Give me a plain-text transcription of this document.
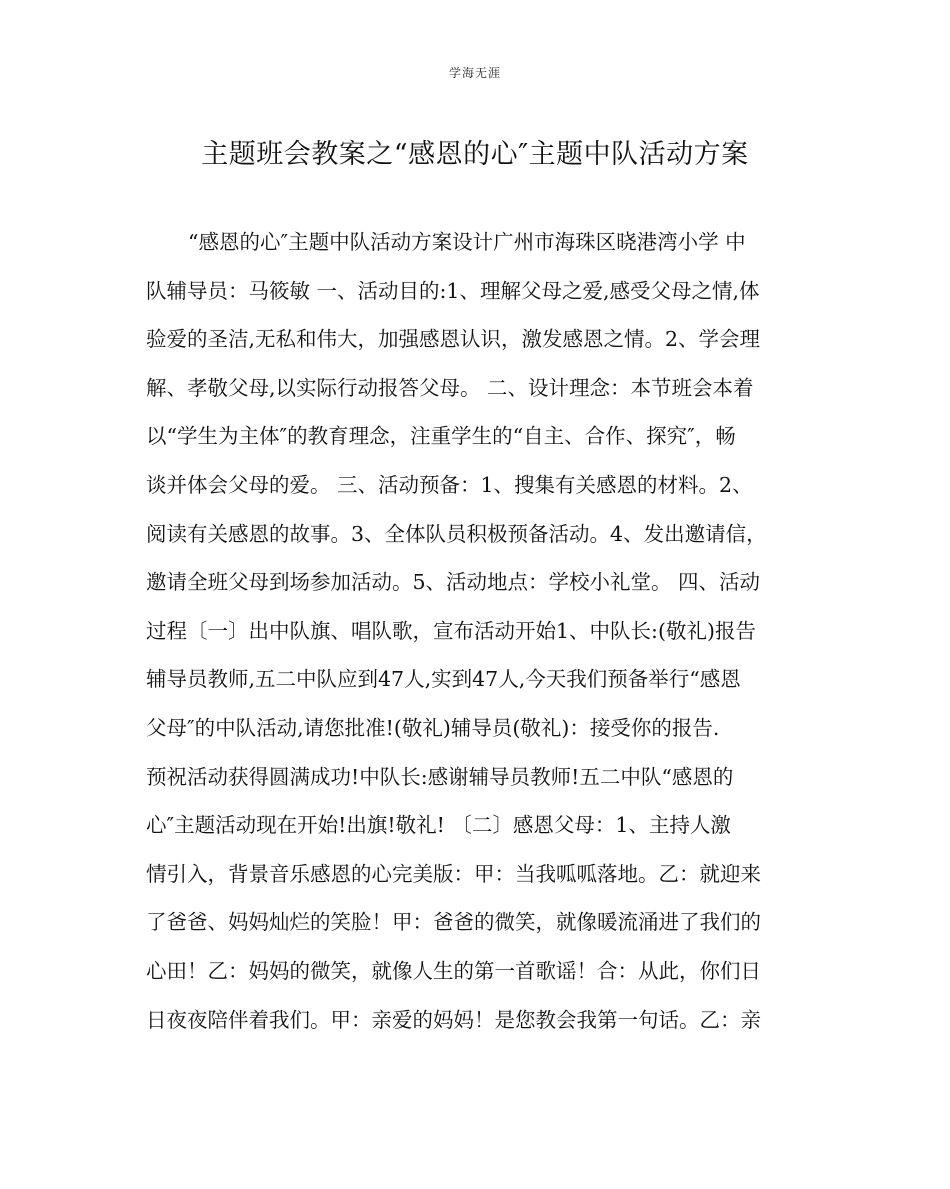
学海无涯
主题班会教案之“感恩的心″主题中队活动方案
“感恩的心″主题中队活动方案设计广州市海珠区晓港湾小学 中
队辅导员：马筱敏 一、活动目的:1、理解父母之爱,感受父母之情,体
验爱的圣洁,无私和伟大，加强感恩认识，激发感恩之情。2、学会理
解、孝敬父母,以实际行动报答父母。 二、设计理念：本节班会本着
以“学生为主体″的教育理念，注重学生的“自主、合作、探究″，畅
谈并体会父母的爱。 三、活动预备：1、搜集有关感恩的材料。2、
阅读有关感恩的故事。3、全体队员积极预备活动。4、发出邀请信，
邀请全班父母到场参加活动。5、活动地点：学校小礼堂。 四、活动
过程〔一〕出中队旗、唱队歌，宣布活动开始1、中队长:(敬礼)报告
辅导员教师,五二中队应到47人,实到47人,今天我们预备举行“感恩
父母″的中队活动,请您批准!(敬礼)辅导员(敬礼)：接受你的报告.
预祝活动获得圆满成功!中队长:感谢辅导员教师!五二中队“感恩的
心″主题活动现在开始!出旗!敬礼! 〔二〕感恩父母：1、主持人激
情引入，背景音乐感恩的心完美版：甲：当我呱呱落地。乙：就迎来
了爸爸、妈妈灿烂的笑脸！甲：爸爸的微笑，就像暖流涌进了我们的
心田！乙：妈妈的微笑，就像人生的第一首歌谣！合：从此，你们日
日夜夜陪伴着我们。甲：亲爱的妈妈！是您教会我第一句话。乙：亲
